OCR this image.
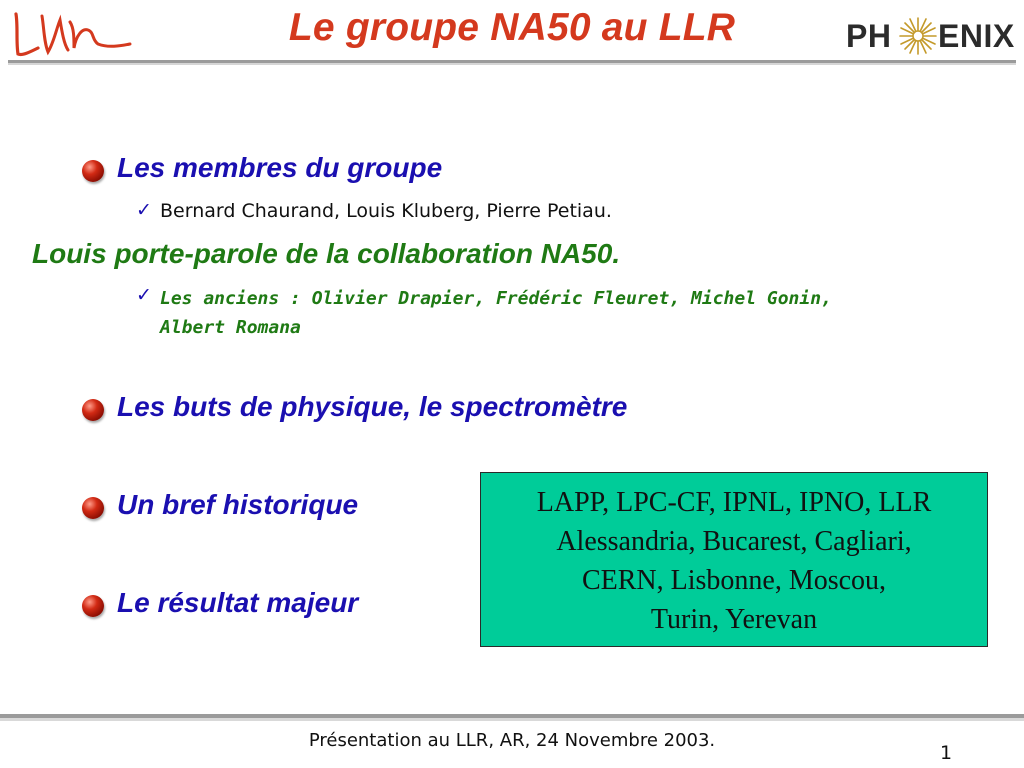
Le groupe NA50 au LLR	PH ENIX
Les membres du groupe
✓ Bernard Chaurand, Louis Kluberg, Pierre Petiau.
Louis porte-parole de la collaboration NA50.
✓ Les anciens : Olivier Drapier, Frédéric Fleuret, Michel Gonin,
Albert Romana
Les buts de physique, le spectromètre
Un bref historique
Le résultat majeur
LAPP, LPC-CF, IPNL, IPNO, LLR
Alessandria, Bucarest, Cagliari,
CERN, Lisbonne, Moscou,
Turin, Yerevan
Présentation au LLR, AR, 24 Novembre 2003.
1
